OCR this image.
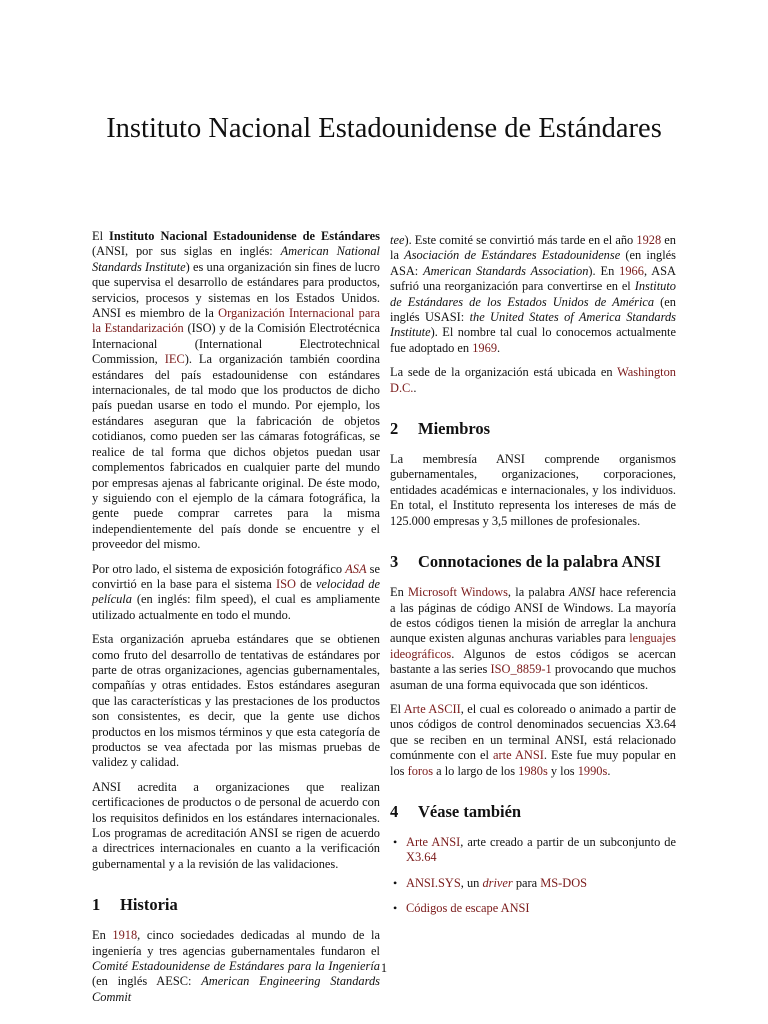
Instituto Nacional Estadounidense de Estándares

El Instituto Nacional Estadounidense de Estándares (ANSI, por sus siglas en inglés: American National Standards Institute) es una organización sin fines de lucro que supervisa el desarrollo de estándares para productos, servicios, procesos y sistemas en los Estados Unidos. ANSI es miembro de la Organización Internacional para la Estandarización (ISO) y de la Comisión Electrotécnica Internacional (International Electrotechnical Commission, IEC). La organización también coordina estándares del país estadounidense con estándares internacionales, de tal modo que los productos de dicho país puedan usarse en todo el mundo. Por ejemplo, los estándares aseguran que la fabricación de objetos cotidianos, como pueden ser las cámaras fotográficas, se realice de tal forma que dichos objetos puedan usar complementos fabricados en cualquier parte del mundo por empresas ajenas al fabricante original. De éste modo, y siguiendo con el ejemplo de la cámara fotográfica, la gente puede comprar carretes para la misma independientemente del país donde se encuentre y el proveedor del mismo.

Por otro lado, el sistema de exposición fotográfico ASA se convirtió en la base para el sistema ISO de velocidad de película (en inglés: film speed), el cual es ampliamente utilizado actualmente en todo el mundo.

Esta organización aprueba estándares que se obtienen como fruto del desarrollo de tentativas de estándares por parte de otras organizaciones, agencias gubernamentales, compañías y otras entidades. Estos estándares aseguran que las características y las prestaciones de los productos son consistentes, es decir, que la gente use dichos productos en los mismos términos y que esta categoría de productos se vea afectada por las mismas pruebas de validez y calidad.

ANSI acredita a organizaciones que realizan certificaciones de productos o de personal de acuerdo con los requisitos definidos en los estándares internacionales. Los programas de acreditación ANSI se rigen de acuerdo a directrices internacionales en cuanto a la verificación gubernamental y a la revisión de las validaciones.

1	Historia

En 1918, cinco sociedades dedicadas al mundo de la ingeniería y tres agencias gubernamentales fundaron el Comité Estadounidense de Estándares para la Ingeniería (en inglés AESC: American Engineering Standards Commit

tee). Este comité se convirtió más tarde en el año 1928 en la Asociación de Estándares Estadounidense (en inglés ASA: American Standards Association). En 1966, ASA sufrió una reorganización para convertirse en el Instituto de Estándares de los Estados Unidos de América (en inglés USASI: the United States of America Standards Institute). El nombre tal cual lo conocemos actualmente fue adoptado en 1969.

La sede de la organización está ubicada en Washington D.C..

2	Miembros

La membresía ANSI comprende organismos gubernamentales, organizaciones, corporaciones, entidades académicas e internacionales, y los individuos. En total, el Instituto representa los intereses de más de 125.000 empresas y 3,5 millones de profesionales.

3	Connotaciones de la palabra ANSI

En Microsoft Windows, la palabra ANSI hace referencia a las páginas de código ANSI de Windows. La mayoría de estos códigos tienen la misión de arreglar la anchura aunque existen algunas anchuras variables para lenguajes ideográficos. Algunos de estos códigos se acercan bastante a las series ISO_8859-1 provocando que muchos asuman de una forma equivocada que son idénticos.

El Arte ASCII, el cual es coloreado o animado a partir de unos códigos de control denominados secuencias X3.64 que se reciben en un terminal ANSI, está relacionado comúnmente con el arte ANSI. Este fue muy popular en los foros a lo largo de los 1980s y los 1990s.

4	Véase también
• Arte ANSI, arte creado a partir de un subconjunto de X3.64
• ANSI.SYS, un driver para MS-DOS
• Códigos de escape ANSI
1
